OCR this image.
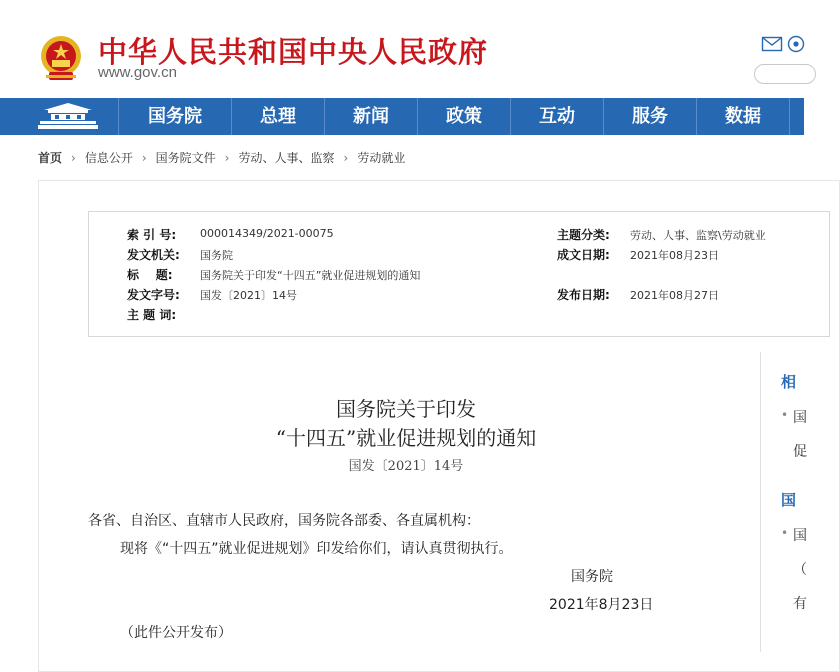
中华人民共和国中央人民政府
www.gov.cn
国务院	总理	新闻	政策	互动	服务	数据
首页 › 信息公开 › 国务院文件 › 劳动、人事、监察 › 劳动就业
索 引 号: 000014349/2021-00075	主题分类: 劳动、人事、监察\劳动就业
发文机关: 国务院	成文日期: 2021年08月23日
标    题: 国务院关于印发“十四五”就业促进规划的通知
发文字号: 国发〔2021〕14号	发布日期: 2021年08月27日
主 题 词:
国务院关于印发
“十四五”就业促进规划的通知
国发〔2021〕14号
各省、自治区、直辖市人民政府，国务院各部委、各直属机构：
现将《“十四五”就业促进规划》印发给你们，请认真贯彻执行。
国务院
2021年8月23日
（此件公开发布）
相
• 国
促
国
• 国
（
有
